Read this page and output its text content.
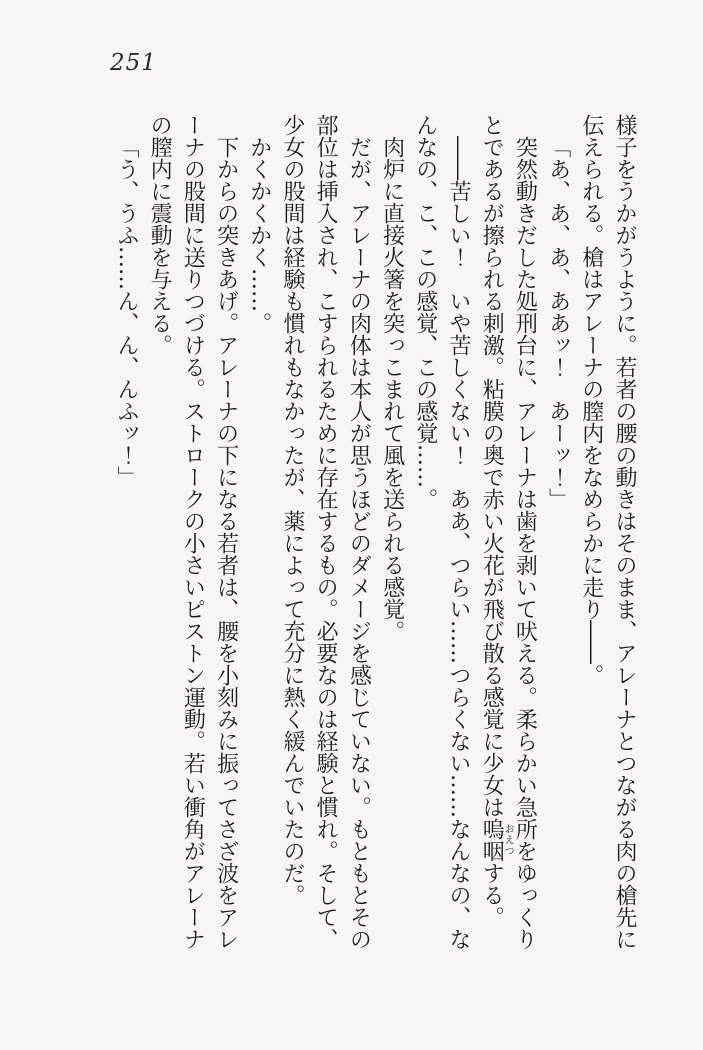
251

様子をうかがうように。若者の腰の動きはそのまま、アレーナとつながる肉の槍先に伝えられる。槍はアレーナの膣内をなめらかに走り――。

「あ、あ、あ、ああッ！　あーッ！」

突然動きだした処刑台に、アレーナは歯を剥いて吠える。柔らかい急所をゆっくりとであるが擦られる刺激。粘膜の奥で赤い火花が飛び散る感覚に少女は嗚咽おえつする。

――苦しい！　いや苦しくない！　ああ、つらい……つらくない……なんなの、なんなの、こ、この感覚、この感覚……。

肉炉に直接火箸を突っこまれて風を送られる感覚。

だが、アレーナの肉体は本人が思うほどのダメージを感じていない。もともとその部位は挿入され、こすられるために存在するもの。必要なのは経験と慣れ。そして、少女の股間は経験も慣れもなかったが、薬によって充分に熱く緩んでいたのだ。

かくかくかく……。

下からの突きあげ。アレーナの下になる若者は、腰を小刻みに振ってさざ波をアレーナの股間に送りつづける。ストロークの小さいピストン運動。若い衝角がアレーナの膣内に震動を与える。

「う、うふ……ん、ん、んふッ！」
